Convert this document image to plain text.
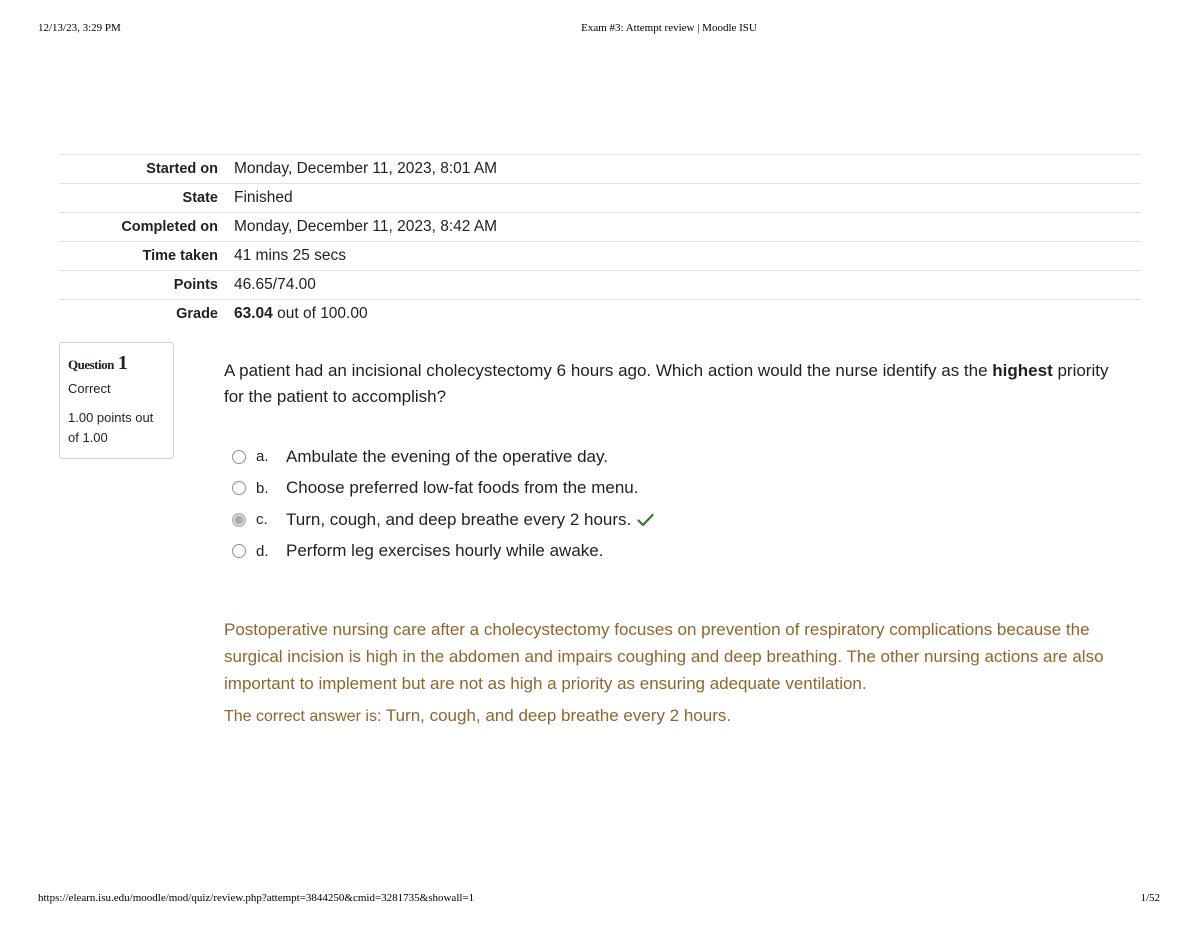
12/13/23, 3:29 PM	Exam #3: Attempt review | Moodle ISU
Started on	Monday, December 11, 2023, 8:01 AM
State	Finished
Completed on	Monday, December 11, 2023, 8:42 AM
Time taken	41 mins 25 secs
Points	46.65/74.00
Grade	63.04 out of 100.00
Question 1
Correct
1.00 points out of 1.00
A patient had an incisional cholecystectomy 6 hours ago. Which action would the nurse identify as the highest priority for the patient to accomplish?
a.	Ambulate the evening of the operative day.
b.	Choose preferred low-fat foods from the menu.
c.	Turn, cough, and deep breathe every 2 hours.
d.	Perform leg exercises hourly while awake.
Postoperative nursing care after a cholecystectomy focuses on prevention of respiratory complications because the surgical incision is high in the abdomen and impairs coughing and deep breathing. The other nursing actions are also important to implement but are not as high a priority as ensuring adequate ventilation.
The correct answer is: Turn, cough, and deep breathe every 2 hours.
https://elearn.isu.edu/moodle/mod/quiz/review.php?attempt=3844250&cmid=3281735&showall=1	1/52
